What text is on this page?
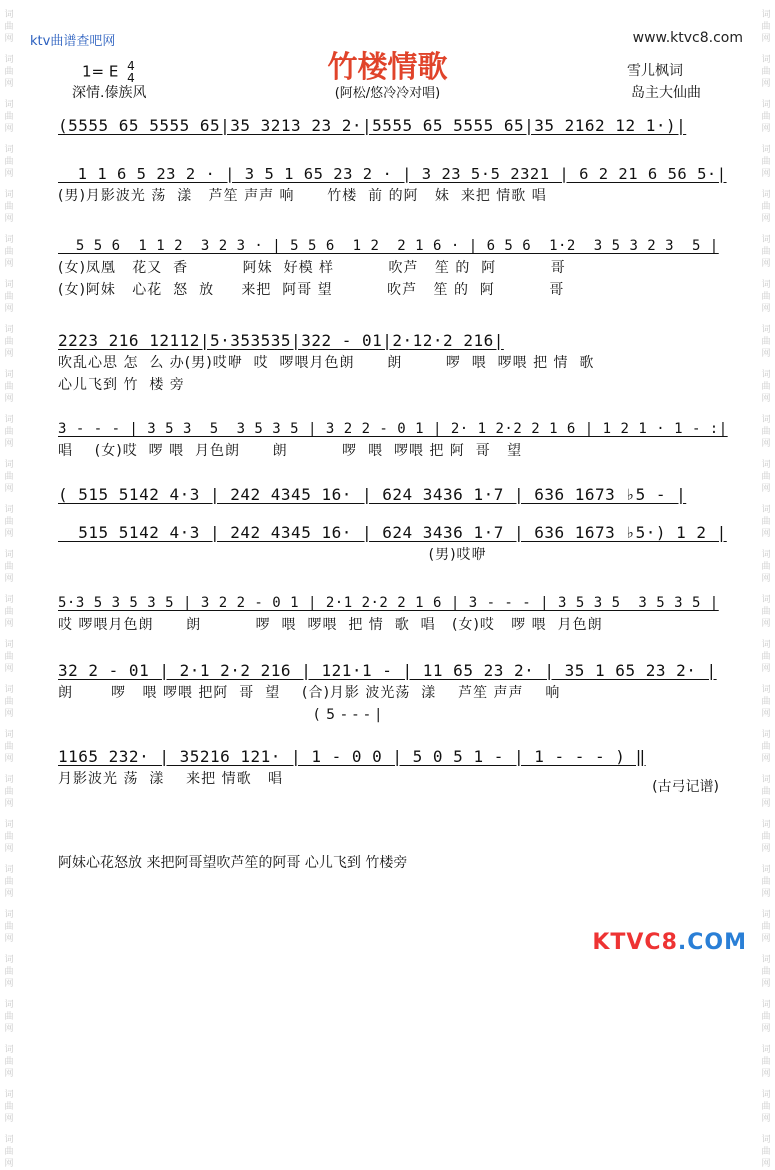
词
曲
网
词
曲
网
词
曲
网
词
曲
网
词
曲
网
词
曲
网
词
曲
网
词
曲
网
词
曲
网
词
曲
网
词
曲
网
词
曲
网
词
曲
网
词
曲
网
词
曲
网
词
曲
网
词
曲
网
词
曲
网
词
曲
网
词
曲
网
词
曲
网
词
曲
网
词
曲
网
词
曲
网
词
曲
网
词
曲
网
词
曲
网
词
曲
网
词
曲
网
词
曲
网
词
曲
网
词
曲
网
词
曲
网
词
曲
网
词
曲
网
词
曲
网
词
曲
网
词
曲
网
词
曲
网
词
曲
网
词
曲
网
词
曲
网
词
曲
网
词
曲
网
词
曲
网
词
曲
网
词
曲
网
词
曲
网
词
曲
网
词
曲
网
词
曲
网
词
曲
网
ktv曲谱查吧网	www.ktvc8.com
竹楼情歌
1= E 4
4
深情.傣族风	(阿松/悠冷冷对唱)
雪儿枫词
岛主大仙曲
(5555 65 5555 65|35 3213 23 2·|5555 65 5555 65|35 2162 12 1·)|
1 1 6 5 23 2 · | 3 5 1 65 23 2 · | 3 23 5·5 2321 | 6 2 21 6 56 5·|
(男)月影波光 荡  漾   芦笙 声声 响      竹楼  前 的阿   妹  来把 情歌 唱
5 5 6  1 1 2  3 2 3 · | 5 5 6  1 2  2 1 6 · | 6 5 6  1·2  3 5 3 2 3  5 |
(女)凤凰   花又  香          阿妹  好模 样          吹芦   笙 的  阿          哥
(女)阿妹   心花  怒  放     来把  阿哥 望          吹芦   笙 的  阿          哥
2223 216 12112|5·353535|322 - 01|2·12·2 216|
吹乱心思 怎  么 办(男)哎咿  哎  啰喂月色朗      朗        啰  喂  啰喂 把 情  歌
心儿飞到 竹  楼 旁
3 - - - | 3 5 3  5  3 5 3 5 | 3 2 2 - 0 1 | 2· 1 2·2 2 1 6 | 1 2 1 · 1 - :|
唱    (女)哎  啰 喂  月色朗      朗          啰  喂  啰喂 把 阿  哥   望
( 515 5142 4·3 | 242 4345 16· | 624 3436 1·7 | 636 1673 ♭5 - |
515 5142 4·3 | 242 4345 16· | 624 3436 1·7 | 636 1673 ♭5·) 1 2 |
(男)哎咿
5·3 5 3 5 3 5 | 3 2 2 - 0 1 | 2·1 2·2 2 1 6 | 3 - - - | 3 5 3 5  3 5 3 5 |
哎 啰喂月色朗      朗          啰  喂  啰喂  把 情  歌  唱   (女)哎   啰 喂  月色朗
32 2 - 01 | 2·1 2·2 216 | 121·1 - | 11 65 23 2· | 35 1 65 23 2· |
朗       啰   喂 啰喂 把阿  哥  望    (合)月影 波光荡  漾    芦笙 声声    响
( 5 - - - |
1165 232· | 35216 121· | 1 - 0 0 | 5 0 5 1 - | 1 - - - ) ‖
月影波光 荡  漾    来把 情歌   唱	(古弓记谱)
阿妹心花怒放 来把阿哥望吹芦笙的阿哥 心儿飞到 竹楼旁
KTVC8.COM
